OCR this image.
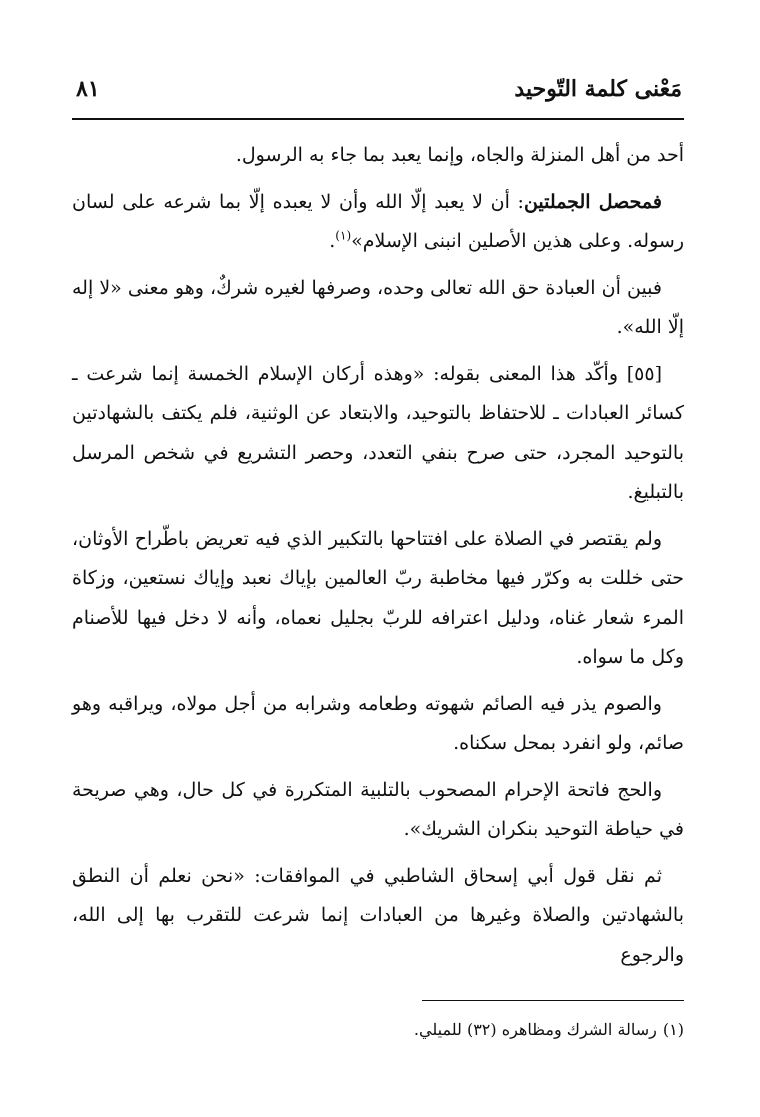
مَعْنى كلمة التّوحيد
٨١

أحد من أهل المنزلة والجاه، وإنما يعبد بما جاء به الرسول.

فمحصل الجملتين: أن لا يعبد إلّا الله وأن لا يعبده إلّا بما شرعه على لسان رسوله. وعلى هذين الأصلين انبنى الإسلام»$^{(١)}$.

فبين أن العبادة حق الله تعالى وحده، وصرفها لغيره شركٌ، وهو معنى «لا إله إلّا الله».

[٥٥] وأكّد هذا المعنى بقوله: «وهذه أركان الإسلام الخمسة إنما شرعت ـ كسائر العبادات ـ للاحتفاظ بالتوحيد، والابتعاد عن الوثنية، فلم يكتف بالشهادتين بالتوحيد المجرد، حتى صرح بنفي التعدد، وحصر التشريع في شخص المرسل بالتبليغ.

ولم يقتصر في الصلاة على افتتاحها بالتكبير الذي فيه تعريض باطّراح الأوثان، حتى خللت به وكرّر فيها مخاطبة ربّ العالمين بإياك نعبد وإياك نستعين، وزكاة المرء شعار غناه، ودليل اعترافه للربّ بجليل نعماه، وأنه لا دخل فيها للأصنام وكل ما سواه.

والصوم يذر فيه الصائم شهوته وطعامه وشرابه من أجل مولاه، ويراقبه وهو صائم، ولو انفرد بمحل سكناه.

والحج فاتحة الإحرام المصحوب بالتلبية المتكررة في كل حال، وهي صريحة في حياطة التوحيد بنكران الشريك».

ثم نقل قول أبي إسحاق الشاطبي في الموافقات: «نحن نعلم أن النطق بالشهادتين والصلاة وغيرها من العبادات إنما شرعت للتقرب بها إلى الله، والرجوع

(١)رسالة الشرك ومظاهره (٣٢) للميلي.
